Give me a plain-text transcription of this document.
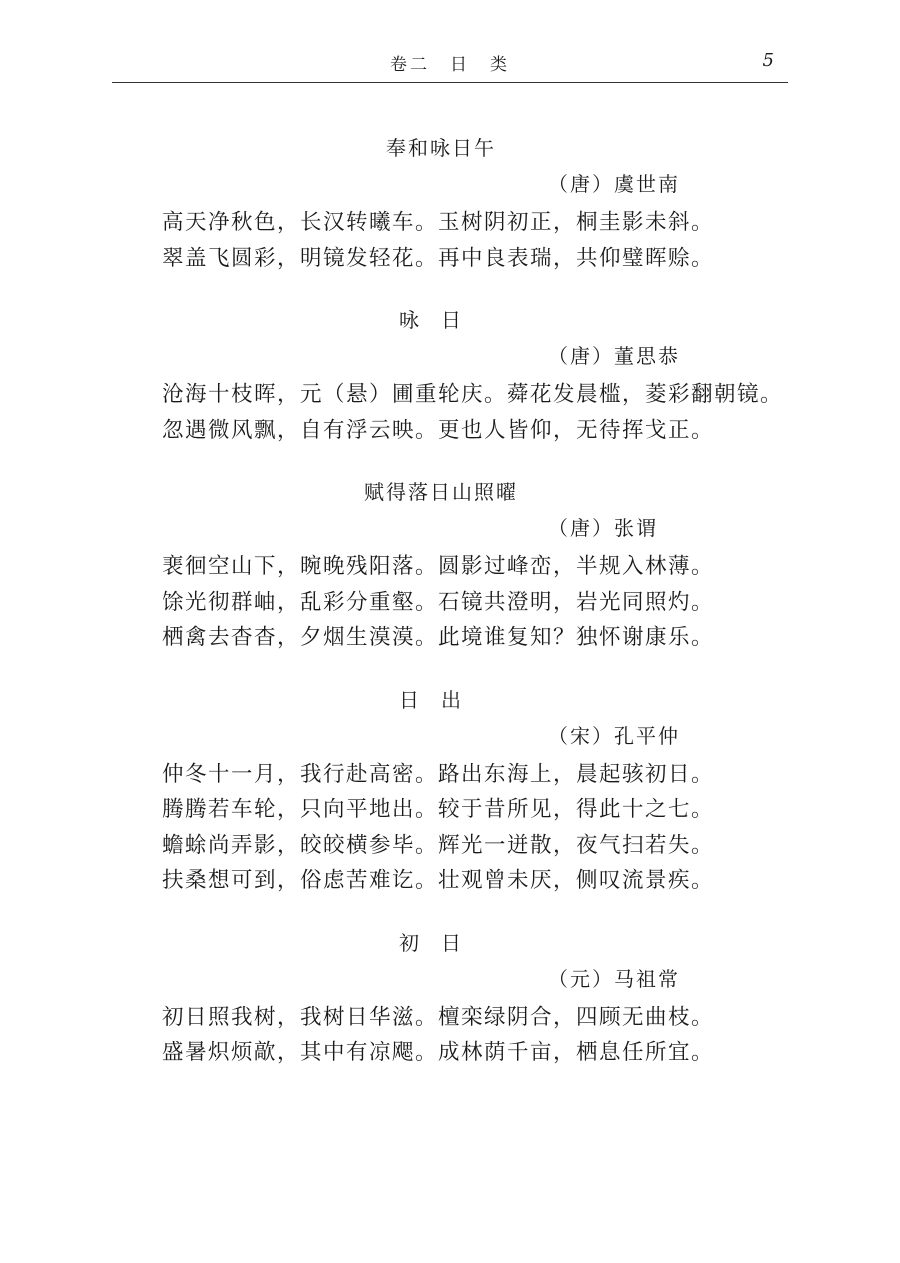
卷二　日　类	5
奉和咏日午
（唐）虞世南
高天净秋色，长汉转曦车。玉树阴初正，桐圭影未斜。
翠盖飞圆彩，明镜发轻花。再中良表瑞，共仰璧晖赊。
咏日
（唐）董思恭
沧海十枝晖，元（悬）圃重轮庆。蕣花发晨槛，菱彩翻朝镜。
忽遇微风飘，自有浮云映。更也人皆仰，无待挥戈正。
赋得落日山照曜
（唐）张谓
裵徊空山下，晼晚残阳落。圆影过峰峦，半规入林薄。
馀光彻群岫，乱彩分重壑。石镜共澄明，岩光同照灼。
栖禽去杳杳，夕烟生漠漠。此境谁复知？独怀谢康乐。
日出
（宋）孔平仲
仲冬十一月，我行赴高密。路出东海上，晨起骇初日。
腾腾若车轮，只向平地出。较于昔所见，得此十之七。
蟾蜍尚弄影，皎皎横参毕。辉光一迸散，夜气扫若失。
扶桑想可到，俗虑苦难讫。壮观曾未厌，侧叹流景疾。
初日
（元）马祖常
初日照我树，我树日华滋。檀栾绿阴合，四顾无曲枝。
盛暑炽烦歊，其中有凉飔。成林荫千亩，栖息任所宜。
